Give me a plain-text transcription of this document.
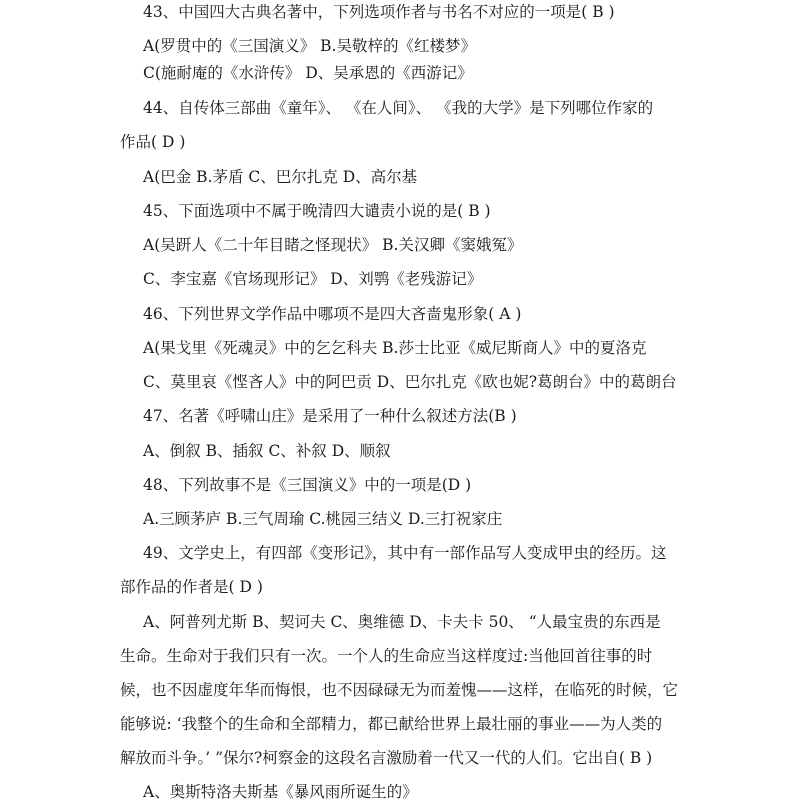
43、中国四大古典名著中，下列选项作者与书名不对应的一项是( B )
A(罗贯中的《三国演义》 B.吴敬梓的《红楼梦》
C(施耐庵的《水浒传》 D、吴承恩的《西游记》
44、自传体三部曲《童年》、 《在人间》、 《我的大学》是下列哪位作家的
作品( D )
A(巴金 B.茅盾 C、巴尔扎克 D、高尔基
45、下面选项中不属于晚清四大谴责小说的是( B )
A(吴趼人《二十年目睹之怪现状》 B.关汉卿《窦娥冤》
C、李宝嘉《官场现形记》 D、刘鹗《老残游记》
46、下列世界文学作品中哪项不是四大吝啬鬼形象( A )
A(果戈里《死魂灵》中的乞乞科夫 B.莎士比亚《威尼斯商人》中的夏洛克
C、莫里哀《悭吝人》中的阿巴贡 D、巴尔扎克《欧也妮?葛朗台》中的葛朗台
47、名著《呼啸山庄》是采用了一种什么叙述方法(B )
A、倒叙 B、插叙 C、补叙 D、顺叙
48、下列故事不是《三国演义》中的一项是(D )
A.三顾茅庐 B.三气周瑜 C.桃园三结义 D.三打祝家庄
49、文学史上，有四部《变形记》，其中有一部作品写人变成甲虫的经历。这
部作品的作者是( D )
A、阿普列尤斯 B、契诃夫 C、奥维德 D、卡夫卡 50、 “人最宝贵的东西是
生命。生命对于我们只有一次。一个人的生命应当这样度过:当他回首往事的时
候，也不因虚度年华而悔恨，也不因碌碌无为而羞愧——这样，在临死的时候，它
能够说: ‘我整个的生命和全部精力，都已献给世界上最壮丽的事业——为人类的
解放而斗争。’ ”保尔?柯察金的这段名言激励着一代又一代的人们。它出自( B )
A、奥斯特洛夫斯基《暴风雨所诞生的》
